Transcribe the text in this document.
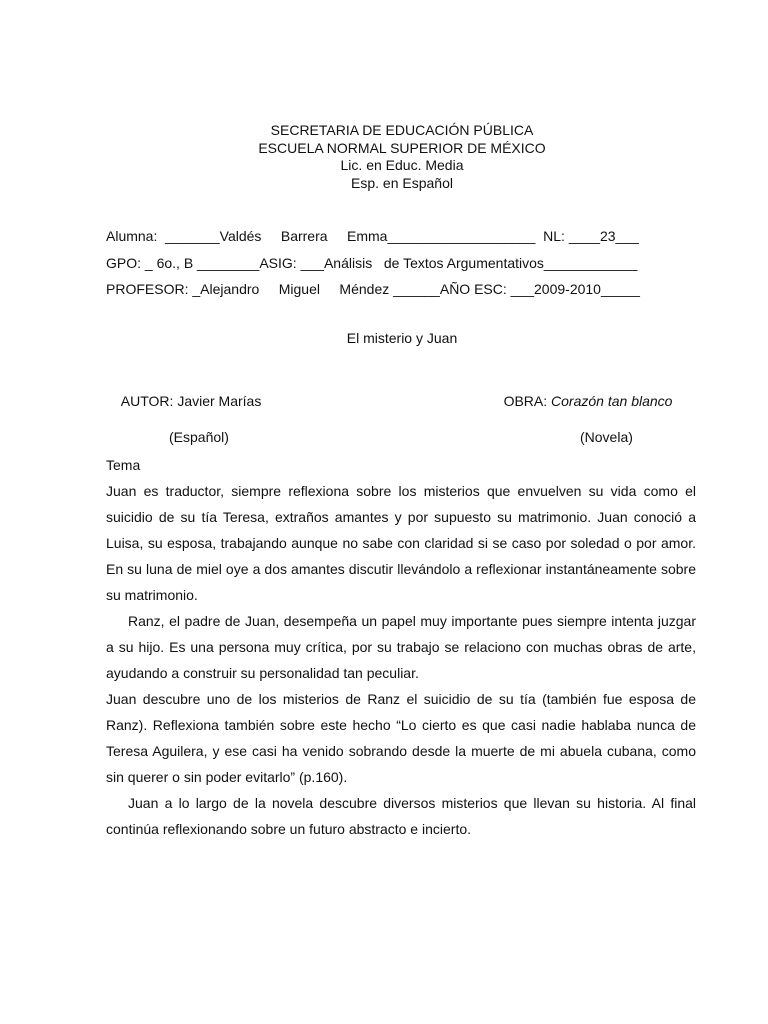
SECRETARIA DE EDUCACIÓN PÚBLICA
ESCUELA NORMAL SUPERIOR DE MÉXICO
Lic. en Educ. Media
Esp. en Español
Alumna: _______Valdés     Barrera     Emma___________________ NL: ____23___
GPO: _ 6o., B ________ASIG: ___Análisis   de Textos Argumentativos____________
PROFESOR: _Alejandro     Miguel     Méndez ______AÑO ESC: ___2009-2010_____
El misterio y Juan

AUTOR: Javier Marías

(Español)

OBRA: Corazón tan blanco

(Novela)

Tema

Juan es traductor, siempre reflexiona sobre los misterios que envuelven su vida como el suicidio de su tía Teresa, extraños amantes y por supuesto su matrimonio. Juan conoció a Luisa, su esposa, trabajando aunque no sabe con claridad si se caso por soledad o por amor. En su luna de miel oye a dos amantes discutir llevándolo a reflexionar instantáneamente sobre su matrimonio.

Ranz, el padre de Juan, desempeña un papel muy importante pues siempre intenta juzgar a su hijo. Es una persona muy crítica, por su trabajo se relaciono con muchas obras de arte, ayudando a construir su personalidad tan peculiar.

Juan descubre uno de los misterios de Ranz el suicidio de su tía (también fue esposa de Ranz). Reflexiona también sobre este hecho “Lo cierto es que casi nadie hablaba nunca de Teresa Aguilera, y ese casi ha venido sobrando desde la muerte de mi abuela cubana, como sin querer o sin poder evitarlo” (p.160).

Juan a lo largo de la novela descubre diversos misterios que llevan su historia. Al final continúa reflexionando sobre un futuro abstracto e incierto.
